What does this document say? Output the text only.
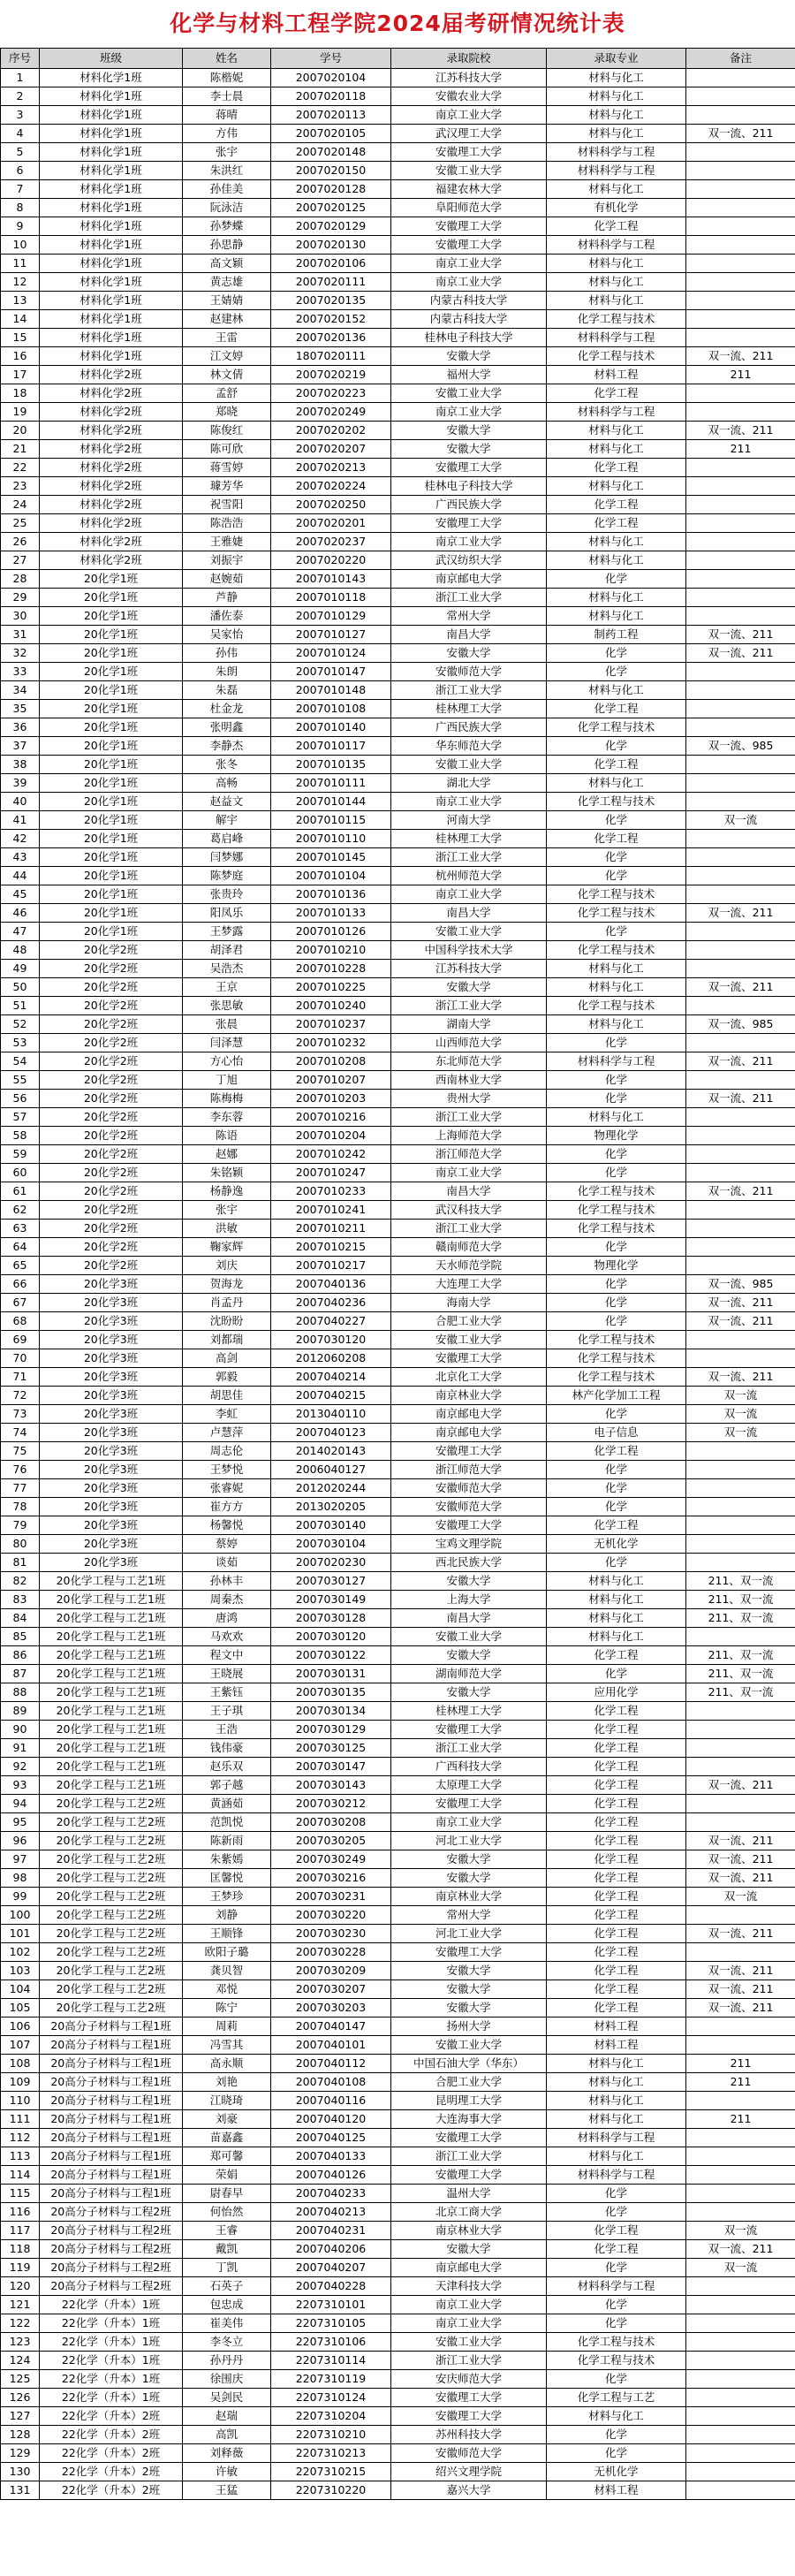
化学与材料工程学院2024届考研情况统计表
序号	班级	姓名	学号	录取院校	录取专业	备注
1	材料化学1班	陈楷妮	2007020104	江苏科技大学	材料与化工	
2	材料化学1班	李士晨	2007020118	安徽农业大学	材料与化工	
3	材料化学1班	蒋晴	2007020113	南京工业大学	材料与化工	
4	材料化学1班	方伟	2007020105	武汉理工大学	材料与化工	双一流、211
5	材料化学1班	张宇	2007020148	安徽理工大学	材料科学与工程	
6	材料化学1班	朱洪红	2007020150	安徽工业大学	材料科学与工程	
7	材料化学1班	孙佳美	2007020128	福建农林大学	材料与化工	
8	材料化学1班	阮泳洁	2007020125	阜阳师范大学	有机化学	
9	材料化学1班	孙梦蝶	2007020129	安徽理工大学	化学工程	
10	材料化学1班	孙思静	2007020130	安徽理工大学	材料科学与工程	
11	材料化学1班	高文颖	2007020106	南京工业大学	材料与化工	
12	材料化学1班	黄志雄	2007020111	南京工业大学	材料与化工	
13	材料化学1班	王婧婧	2007020135	内蒙古科技大学	材料与化工	
14	材料化学1班	赵建林	2007020152	内蒙古科技大学	化学工程与技术	
15	材料化学1班	王雷	2007020136	桂林电子科技大学	材料科学与工程	
16	材料化学1班	江文婷	1807020111	安徽大学	化学工程与技术	双一流、211
17	材料化学2班	林文倩	2007020219	福州大学	材料工程	211
18	材料化学2班	孟舒	2007020223	安徽工业大学	化学工程	
19	材料化学2班	郑晓	2007020249	南京工业大学	材料科学与工程	
20	材料化学2班	陈俊红	2007020202	安徽大学	材料与化工	双一流、211
21	材料化学2班	陈可欣	2007020207	安徽大学	材料与化工	211
22	材料化学2班	蒋雪婷	2007020213	安徽理工大学	化学工程	
23	材料化学2班	璩芳华	2007020224	桂林电子科技大学	材料与化工	
24	材料化学2班	祝雪阳	2007020250	广西民族大学	化学工程	
25	材料化学2班	陈浩浩	2007020201	安徽理工大学	化学工程	
26	材料化学2班	王雅婕	2007020237	南京工业大学	材料与化工	
27	材料化学2班	刘振宇	2007020220	武汉纺织大学	材料与化工	
28	20化学1班	赵婉茹	2007010143	南京邮电大学	化学	
29	20化学1班	芦静	2007010118	浙江工业大学	材料与化工	
30	20化学1班	潘佐泰	2007010129	常州大学	材料与化工	
31	20化学1班	吴家怡	2007010127	南昌大学	制药工程	双一流、211
32	20化学1班	孙伟	2007010124	安徽大学	化学	双一流、211
33	20化学1班	朱朗	2007010147	安徽师范大学	化学	
34	20化学1班	朱磊	2007010148	浙江工业大学	材料与化工	
35	20化学1班	杜金龙	2007010108	桂林理工大学	化学工程	
36	20化学1班	张明鑫	2007010140	广西民族大学	化学工程与技术	
37	20化学1班	李静杰	2007010117	华东师范大学	化学	双一流、985
38	20化学1班	张冬	2007010135	安徽工业大学	化学工程	
39	20化学1班	高畅	2007010111	湖北大学	材料与化工	
40	20化学1班	赵益文	2007010144	南京工业大学	化学工程与技术	
41	20化学1班	解宇	2007010115	河南大学	化学	双一流
42	20化学1班	葛启峰	2007010110	桂林理工大学	化学工程	
43	20化学1班	闫梦娜	2007010145	浙江工业大学	化学	
44	20化学1班	陈梦庭	2007010104	杭州师范大学	化学	
45	20化学1班	张贵玲	2007010136	南京工业大学	化学工程与技术	
46	20化学1班	阳凤乐	2007010133	南昌大学	化学工程与技术	双一流、211
47	20化学1班	王梦露	2007010126	安徽工业大学	化学	
48	20化学2班	胡泽君	2007010210	中国科学技术大学	化学工程与技术	
49	20化学2班	吴浩杰	2007010228	江苏科技大学	材料与化工	
50	20化学2班	王京	2007010225	安徽大学	材料与化工	双一流、211
51	20化学2班	张思敏	2007010240	浙江工业大学	化学工程与技术	
52	20化学2班	张晨	2007010237	湖南大学	材料与化工	双一流、985
53	20化学2班	闫泽慧	2007010232	山西师范大学	化学	
54	20化学2班	方心怡	2007010208	东北师范大学	材料科学与工程	双一流、211
55	20化学2班	丁旭	2007010207	西南林业大学	化学	
56	20化学2班	陈梅梅	2007010203	贵州大学	化学	双一流、211
57	20化学2班	李东蓉	2007010216	浙江工业大学	材料与化工	
58	20化学2班	陈语	2007010204	上海师范大学	物理化学	
59	20化学2班	赵娜	2007010242	浙江师范大学	化学	
60	20化学2班	朱铭颖	2007010247	南京工业大学	化学	
61	20化学2班	杨静逸	2007010233	南昌大学	化学工程与技术	双一流、211
62	20化学2班	张宇	2007010241	武汉科技大学	化学工程与技术	
63	20化学2班	洪敏	2007010211	浙江工业大学	化学工程与技术	
64	20化学2班	鞠家辉	2007010215	赣南师范大学	化学	
65	20化学2班	刘庆	2007010217	天水师范学院	物理化学	
66	20化学3班	贺海龙	2007040136	大连理工大学	化学	双一流、985
67	20化学3班	肖孟丹	2007040236	海南大学	化学	双一流、211
68	20化学3班	沈盼盼	2007040227	合肥工业大学	化学	双一流、211
69	20化学3班	刘都瑞	2007030120	安徽工业大学	化学工程与技术	
70	20化学3班	高剑	2012060208	安徽理工大学	化学工程与技术	
71	20化学3班	郭毅	2007040214	北京化工大学	化学工程与技术	双一流、211
72	20化学3班	胡思佳	2007040215	南京林业大学	林产化学加工工程	双一流
73	20化学3班	李虹	2013040110	南京邮电大学	化学	双一流
74	20化学3班	卢慧萍	2007040123	南京邮电大学	电子信息	双一流
75	20化学3班	周志伦	2014020143	安徽理工大学	化学工程	
76	20化学3班	王梦悦	2006040127	浙江师范大学	化学	
77	20化学3班	张睿妮	2012020244	安徽师范大学	化学	
78	20化学3班	崔方方	2013020205	安徽师范大学	化学	
79	20化学3班	杨馨悦	2007030140	安徽理工大学	化学工程	
80	20化学3班	蔡婷	2007030104	宝鸡文理学院	无机化学	
81	20化学3班	谈茹	2007020230	西北民族大学	化学	
82	20化学工程与工艺1班	孙林丰	2007030127	安徽大学	材料与化工	211、双一流
83	20化学工程与工艺1班	周秦杰	2007030149	上海大学	材料与化工	211、双一流
84	20化学工程与工艺1班	唐鸿	2007030128	南昌大学	材料与化工	211、双一流
85	20化学工程与工艺1班	马欢欢	2007030120	安徽工业大学	材料与化工	
86	20化学工程与工艺1班	程文中	2007030122	安徽大学	化学工程	211、双一流
87	20化学工程与工艺1班	王晓展	2007030131	湖南师范大学	化学	211、双一流
88	20化学工程与工艺1班	王紫钰	2007030135	安徽大学	应用化学	211、双一流
89	20化学工程与工艺1班	王子琪	2007030134	桂林理工大学	化学工程	
90	20化学工程与工艺1班	王浩	2007030129	安徽理工大学	化学工程	
91	20化学工程与工艺1班	钱伟豪	2007030125	浙江工业大学	化学工程	
92	20化学工程与工艺1班	赵乐双	2007030147	广西科技大学	化学工程	
93	20化学工程与工艺1班	郭子越	2007030143	太原理工大学	化学工程	双一流、211
94	20化学工程与工艺2班	黄涵茹	2007030212	安徽理工大学	化学工程	
95	20化学工程与工艺2班	范凯悦	2007030208	南京工业大学	化学工程	
96	20化学工程与工艺2班	陈新雨	2007030205	河北工业大学	化学工程	双一流、211
97	20化学工程与工艺2班	朱紫嫣	2007030249	安徽大学	化学工程	双一流、211
98	20化学工程与工艺2班	匡馨悦	2007030216	安徽大学	化学工程	双一流、211
99	20化学工程与工艺2班	王梦珍	2007030231	南京林业大学	化学工程	双一流
100	20化学工程与工艺2班	刘静	2007030220	常州大学	化学工程	
101	20化学工程与工艺2班	王顺锋	2007030230	河北工业大学	化学工程	双一流、211
102	20化学工程与工艺2班	欧阳子璐	2007030228	安徽理工大学	化学工程	
103	20化学工程与工艺2班	龚贝智	2007030209	安徽大学	化学工程	双一流、211
104	20化学工程与工艺2班	邓悦	2007030207	安徽大学	化学工程	双一流、211
105	20化学工程与工艺2班	陈宁	2007030203	安徽大学	化学工程	双一流、211
106	20高分子材料与工程1班	周莉	2007040147	扬州大学	材料工程	
107	20高分子材料与工程1班	冯雪其	2007040101	安徽工业大学	材料工程	
108	20高分子材料与工程1班	高永顺	2007040112	中国石油大学（华东）	材料与化工	211
109	20高分子材料与工程1班	刘艳	2007040108	合肥工业大学	材料与化工	211
110	20高分子材料与工程1班	江晓琦	2007040116	昆明理工大学	材料与化工	
111	20高分子材料与工程1班	刘豪	2007040120	大连海事大学	材料与化工	211
112	20高分子材料与工程1班	苗嘉鑫	2007040125	安徽理工大学	材料科学与工程	
113	20高分子材料与工程1班	郑可馨	2007040133	浙江工业大学	材料与化工	
114	20高分子材料与工程1班	荣娟	2007040126	安徽理工大学	材料科学与工程	
115	20高分子材料与工程1班	尉春早	2007040233	温州大学	化学	
116	20高分子材料与工程2班	何怡然	2007040213	北京工商大学	化学	
117	20高分子材料与工程2班	王睿	2007040231	南京林业大学	化学工程	双一流
118	20高分子材料与工程2班	戴凯	2007040206	安徽大学	化学工程	双一流、211
119	20高分子材料与工程2班	丁凯	2007040207	南京邮电大学	化学	双一流
120	20高分子材料与工程2班	石英子	2007040228	天津科技大学	材料科学与工程	
121	22化学（升本）1班	包忠成	2207310101	南京工业大学	化学	
122	22化学（升本）1班	崔美伟	2207310105	南京工业大学	化学	
123	22化学（升本）1班	李冬立	2207310106	安徽工业大学	化学工程与技术	
124	22化学（升本）1班	孙丹丹	2207310114	浙江工业大学	化学工程与技术	
125	22化学（升本）1班	徐围庆	2207310119	安庆师范大学	化学	
126	22化学（升本）1班	吴剑民	2207310124	安徽理工大学	化学工程与工艺	
127	22化学（升本）2班	赵瑞	2207310204	安徽理工大学	材料与化工	
128	22化学（升本）2班	高凯	2207310210	苏州科技大学	化学	
129	22化学（升本）2班	刘释薇	2207310213	安徽师范大学	化学	
130	22化学（升本）2班	许敏	2207310215	绍兴文理学院	无机化学	
131	22化学（升本）2班	王猛	2207310220	嘉兴大学	材料工程	
